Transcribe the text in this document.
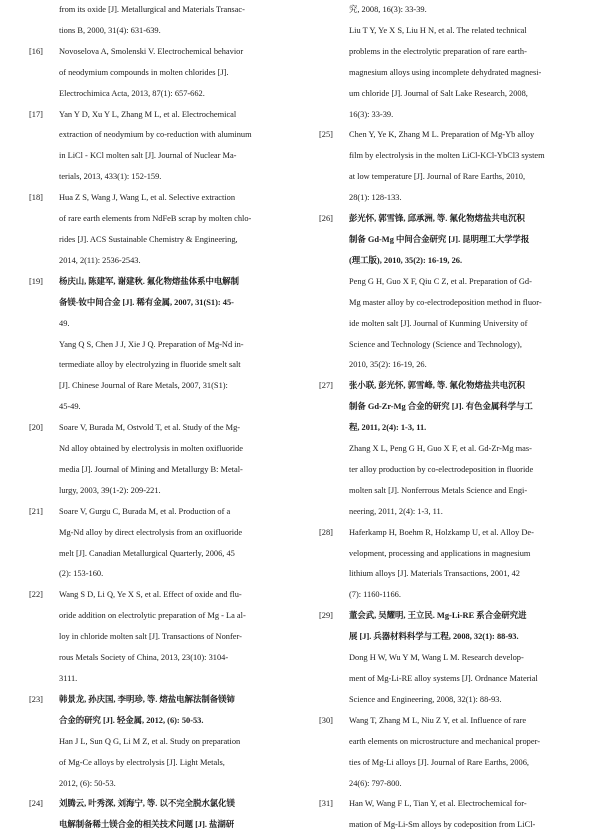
from its oxide [J]. Metallurgical and Materials Transac-

tions B, 2000, 31(4): 631-639.

[16] Novoselova A, Smolenski V. Electrochemical behavior

of neodymium compounds in molten chlorides [J].

Electrochimica Acta, 2013, 87(1): 657-662.

[17] Yan Y D, Xu Y L, Zhang M L, et al. Electrochemical

extraction of neodymium by co-reduction with aluminum

in LiCl - KCl molten salt [J]. Journal of Nuclear Ma-

terials, 2013, 433(1): 152-159.

[18] Hua Z S, Wang J, Wang L, et al. Selective extraction

of rare earth elements from NdFeB scrap by molten chlo-

rides [J]. ACS Sustainable Chemistry & Engineering,

2014, 2(11): 2536-2543.

[19] 杨庆山, 陈建军, 谢建秋. 氟化物熔盐体系中电解制

备镁-钕中间合金 [J]. 稀有金属, 2007, 31(S1): 45-

49.

Yang Q S, Chen J J, Xie J Q. Preparation of Mg-Nd in-

termediate alloy by electrolyzing in fluoride smelt salt

[J]. Chinese Journal of Rare Metals, 2007, 31(S1):

45-49.

[20] Soare V, Burada M, Ostvold T, et al. Study of the Mg-

Nd alloy obtained by electrolysis in molten oxifluoride

media [J]. Journal of Mining and Metallurgy B: Metal-

lurgy, 2003, 39(1-2): 209-221.

[21] Soare V, Gurgu C, Burada M, et al. Production of a

Mg-Nd alloy by direct electrolysis from an oxifluoride

melt [J]. Canadian Metallurgical Quarterly, 2006, 45

(2): 153-160.

[22] Wang S D, Li Q, Ye X S, et al. Effect of oxide and flu-

oride addition on electrolytic preparation of Mg - La al-

loy in chloride molten salt [J]. Transactions of Nonfer-

rous Metals Society of China, 2013, 23(10): 3104-

3111.

[23] 韩景龙, 孙庆国, 李明珍, 等. 熔盐电解法制备镁铈

合金的研究 [J]. 轻金属, 2012, (6): 50-53.

Han J L, Sun Q G, Li M Z, et al. Study on preparation

of Mg-Ce alloys by electrolysis [J]. Light Metals,

2012, (6): 50-53.

[24] 刘腾云, 叶秀深, 刘海宁, 等. 以不完全脱水氯化镁

电解制备稀土镁合金的相关技术问题 [J]. 盐湖研

究, 2008, 16(3): 33-39.

Liu T Y, Ye X S, Liu H N, et al. The related technical

problems in the electrolytic preparation of rare earth-

magnesium alloys using incomplete dehydrated magnesi-

um chloride [J]. Journal of Salt Lake Research, 2008,

16(3): 33-39.

[25] Chen Y, Ye K, Zhang M L. Preparation of Mg-Yb alloy

film by electrolysis in the molten LiCl-KCl-YbCl3 system

at low temperature [J]. Journal of Rare Earths, 2010,

28(1): 128-133.

[26] 彭光怀, 郭雪锋, 邱承洲, 等. 氟化物熔盐共电沉积

制备 Gd-Mg 中间合金研究 [J]. 昆明理工大学学报

(理工版), 2010, 35(2): 16-19, 26.

Peng G H, Guo X F, Qiu C Z, et al. Preparation of Gd-

Mg master alloy by co-electrodeposition method in fluor-

ide molten salt [J]. Journal of Kunming University of

Science and Technology (Science and Technology),

2010, 35(2): 16-19, 26.

[27] 张小联, 彭光怀, 郭雪峰, 等. 氟化物熔盐共电沉积

制备 Gd-Zr-Mg 合金的研究 [J]. 有色金属科学与工

程, 2011, 2(4): 1-3, 11.

Zhang X L, Peng G H, Guo X F, et al. Gd-Zr-Mg mas-

ter alloy production by co-electrodeposition in fluoride

molten salt [J]. Nonferrous Metals Science and Engi-

neering, 2011, 2(4): 1-3, 11.

[28] Haferkamp H, Boehm R, Holzkamp U, et al. Alloy De-

velopment, processing and applications in magnesium

lithium alloys [J]. Materials Transactions, 2001, 42

(7): 1160-1166.

[29] 董会武, 吴耀明, 王立民. Mg-Li-RE 系合金研究进

展 [J]. 兵器材料科学与工程, 2008, 32(1): 88-93.

Dong H W, Wu Y M, Wang L M. Research develop-

ment of Mg-Li-RE alloy systems [J]. Ordnance Material

Science and Engineering, 2008, 32(1): 88-93.

[30] Wang T, Zhang M L, Niu Z Y, et al. Influence of rare

earth elements on microstructure and mechanical proper-

ties of Mg-Li alloys [J]. Journal of Rare Earths, 2006,

24(6): 797-800.

[31] Han W, Wang F L, Tian Y, et al. Electrochemical for-

mation of Mg-Li-Sm alloys by codeposition from LiCl-
